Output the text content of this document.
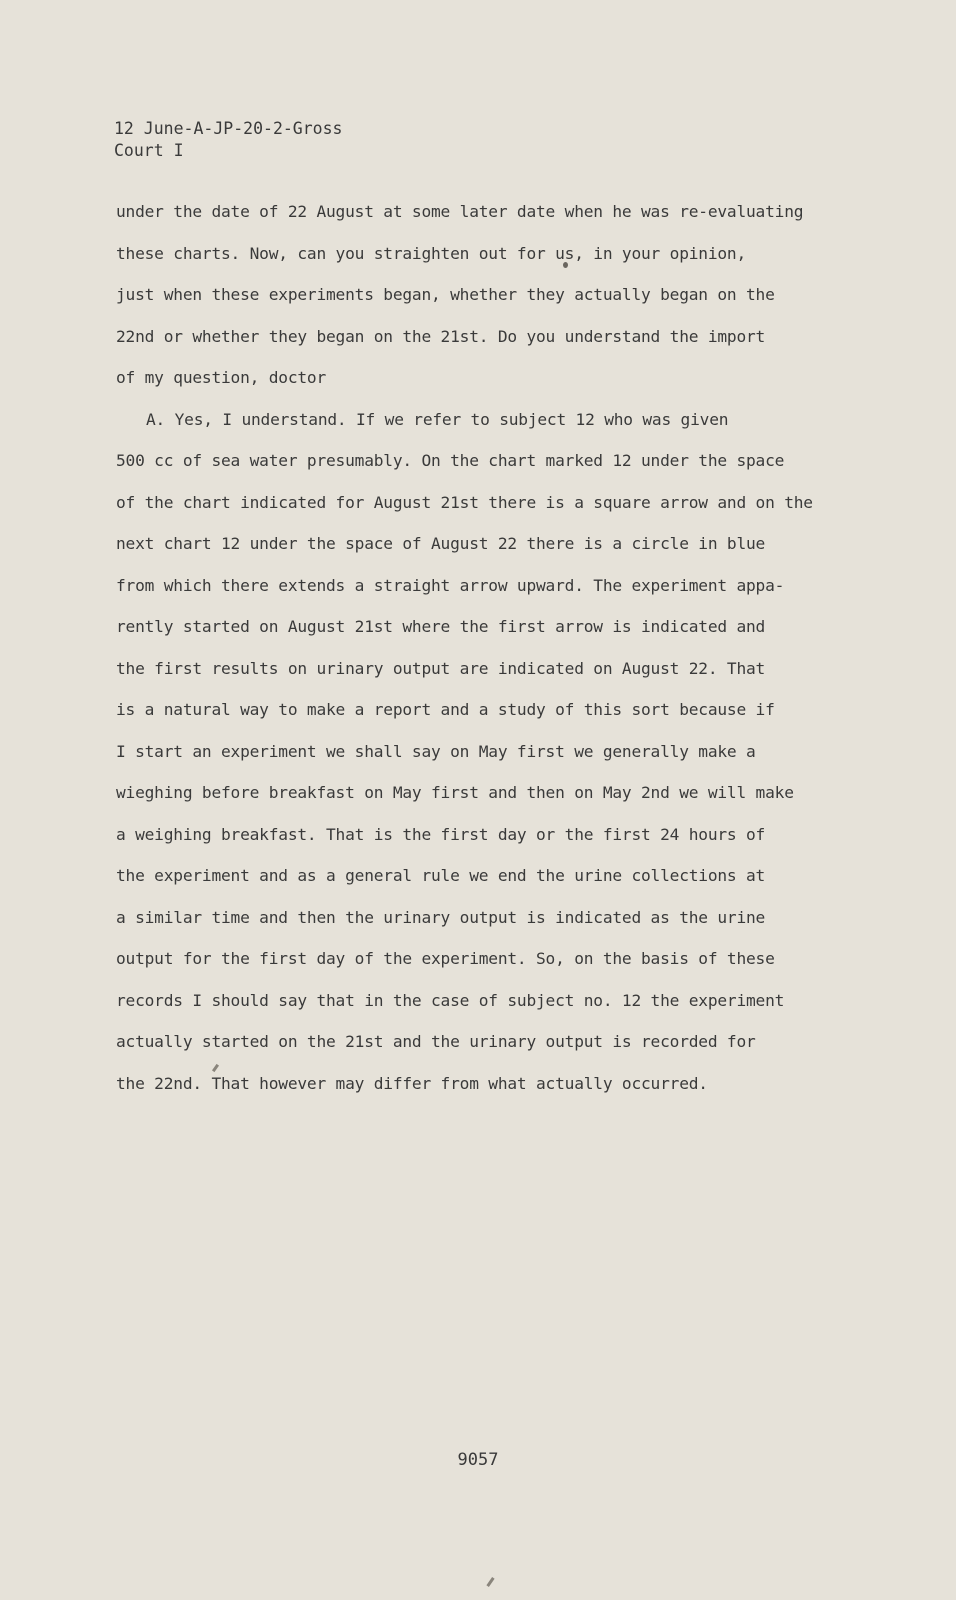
12 June-A-JP-20-2-Gross
Court I
under the date of 22 August at some later date when he was re-evaluating
these charts. Now, can you straighten out for us, in your opinion,
just when these experiments began, whether they actually began on the
22nd or whether they began on the 21st. Do you understand the import
of my question, doctor
A. Yes, I understand. If we refer to subject 12 who was given
500 cc of sea water presumably. On the chart marked 12 under the space
of the chart indicated for August 21st there is a square arrow and on the
next chart 12 under the space of August 22 there is a circle in blue
from which there extends a straight arrow upward. The experiment appa-
rently started on August 21st where the first arrow is indicated and
the first results on urinary output are indicated on August 22. That
is a natural way to make a report and a study of this sort because if
I start an experiment we shall say on May first we generally make a
wieghing before breakfast on May first and then on May 2nd we will make
a weighing breakfast. That is the first day or the first 24 hours of
the experiment and as a general rule we end the urine collections at
a similar time and then the urinary output is indicated as the urine
output for the first day of the experiment. So, on the basis of these
records I should say that in the case of subject no. 12 the experiment
actually started on the 21st and the urinary output is recorded for
the 22nd. That however may differ from what actually occurred.
9057
